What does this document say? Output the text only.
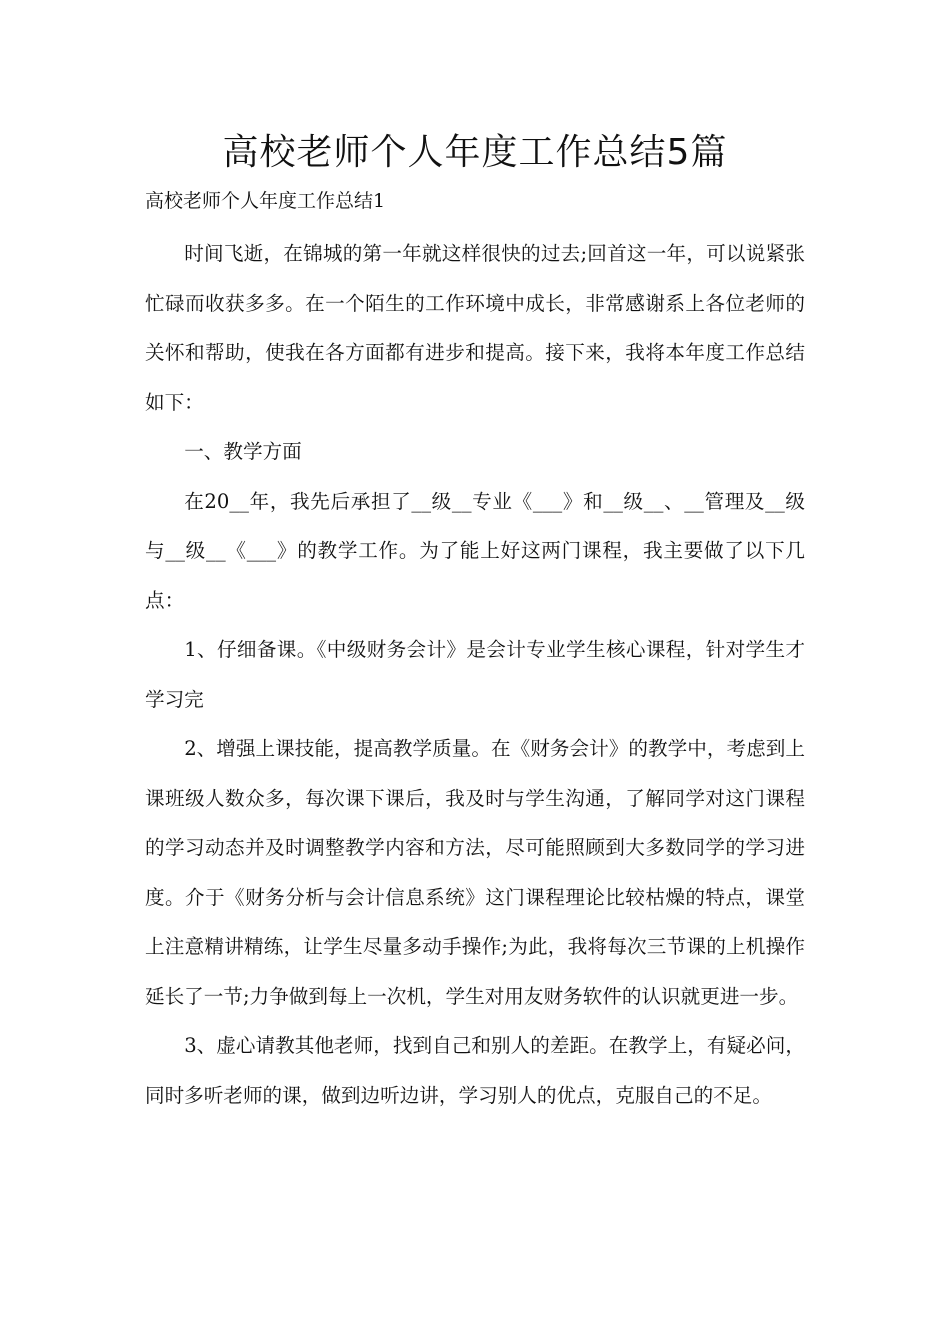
高校老师个人年度工作总结5篇
高校老师个人年度工作总结1

时间飞逝，在锦城的第一年就这样很快的过去;回首这一年，可以说紧张忙碌而收获多多。在一个陌生的工作环境中成长，非常感谢系上各位老师的关怀和帮助，使我在各方面都有进步和提高。接下来，我将本年度工作总结如下：

一、教学方面

在20__年，我先后承担了__级__专业《___》和__级__、__管理及__级与__级__《___》的教学工作。为了能上好这两门课程，我主要做了以下几点：

1、仔细备课。《中级财务会计》是会计专业学生核心课程，针对学生才学习完

2、增强上课技能，提高教学质量。在《财务会计》的教学中，考虑到上课班级人数众多，每次课下课后，我及时与学生沟通，了解同学对这门课程的学习动态并及时调整教学内容和方法，尽可能照顾到大多数同学的学习进度。介于《财务分析与会计信息系统》这门课程理论比较枯燥的特点，课堂上注意精讲精练，让学生尽量多动手操作;为此，我将每次三节课的上机操作延长了一节;力争做到每上一次机，学生对用友财务软件的认识就更进一步。

3、虚心请教其他老师，找到自己和别人的差距。在教学上，有疑必问，同时多听老师的课，做到边听边讲，学习别人的优点，克服自己的不足。
